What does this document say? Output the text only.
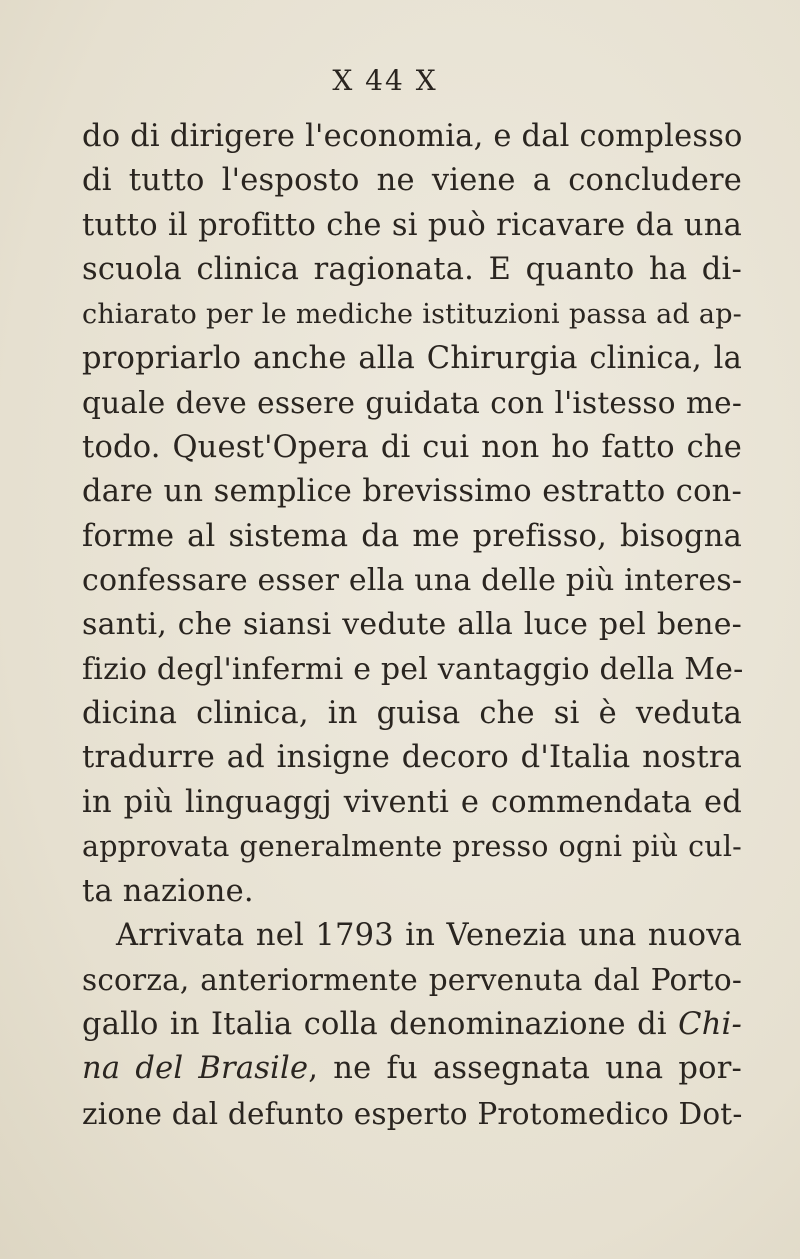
X 44 X
do di dirigere l'economia, e dal complesso
di tutto l'esposto ne viene a concludere
tutto il profitto che si può ricavare da una
scuola clinica ragionata. E quanto ha di-
chiarato per le mediche istituzioni passa ad ap-
propriarlo anche alla Chirurgia clinica, la
quale deve essere guidata con l'istesso me-
todo. Quest'Opera di cui non ho fatto che
dare un semplice brevissimo estratto con-
forme al sistema da me prefisso, bisogna
confessare esser ella una delle più interes-
santi, che siansi vedute alla luce pel bene-
fizio degl'infermi e pel vantaggio della Me-
dicina clinica, in guisa che si è veduta
tradurre ad insigne decoro d'Italia nostra
in più linguaggj viventi e commendata ed
approvata generalmente presso ogni più cul-
ta nazione.
Arrivata nel 1793 in Venezia una nuova
scorza, anteriormente pervenuta dal Porto-
gallo in Italia colla denominazione di Chi-
na del Brasile, ne fu assegnata una por-
zione dal defunto esperto Protomedico Dot-
